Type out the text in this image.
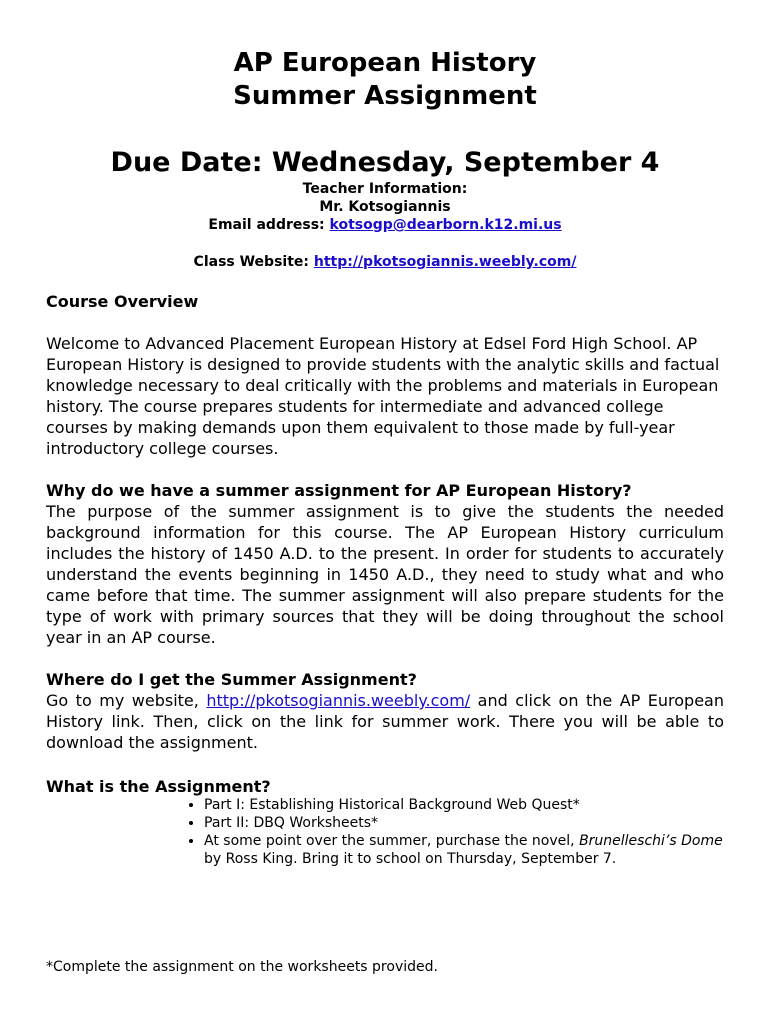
AP European History
Summer Assignment
Due Date: Wednesday, September 4
Teacher Information:
Mr. Kotsogiannis
Email address: kotsogp@dearborn.k12.mi.us
Class Website: http://pkotsogiannis.weebly.com/
Course Overview
Welcome to Advanced Placement European History at Edsel Ford High School. AP European History is designed to provide students with the analytic skills and factual knowledge necessary to deal critically with the problems and materials in European history. The course prepares students for intermediate and advanced college courses by making demands upon them equivalent to those made by full-year introductory college courses.
Why do we have a summer assignment for AP European History?
The purpose of the summer assignment is to give the students the needed background information for this course. The AP European History curriculum includes the history of 1450 A.D. to the present. In order for students to accurately understand the events beginning in 1450 A.D., they need to study what and who came before that time. The summer assignment will also prepare students for the type of work with primary sources that they will be doing throughout the school year in an AP course.
Where do I get the Summer Assignment?
Go to my website, http://pkotsogiannis.weebly.com/ and click on the AP European History link. Then, click on the link for summer work. There you will be able to download the assignment.
What is the Assignment?
• Part I: Establishing Historical Background Web Quest*
• Part II: DBQ Worksheets*
• At some point over the summer, purchase the novel, Brunelleschi’s Dome by Ross King. Bring it to school on Thursday, September 7.
*Complete the assignment on the worksheets provided.
